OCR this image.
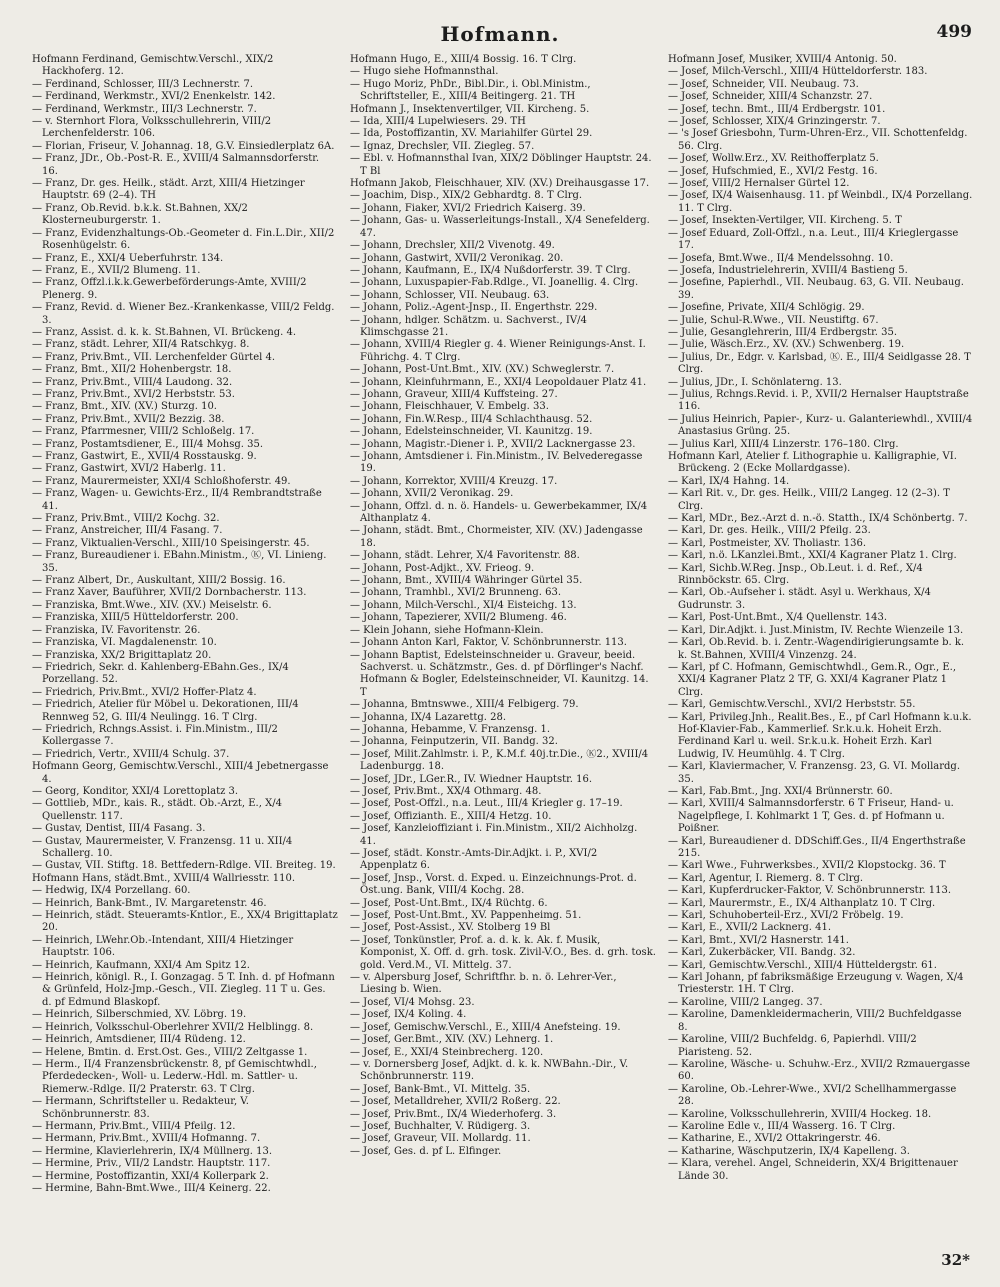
Hofmann.	499
Hofmann Ferdinand, Gemischtw.Verschl., XIX/2 Hackhoferg. 12.
— Ferdinand, Schlosser, III/3 Lechnerstr. 7.
— Ferdinand, Werkmstr., XVI/2 Enenkelstr. 142.
— Ferdinand, Werkmstr., III/3 Lechnerstr. 7.
— v. Sternhort Flora, Volksschullehrerin, VIII/2 Lerchenfelderstr. 106.
— Florian, Friseur, V. Johannag. 18, G.V. Einsiedlerplatz 6A.
— Franz, JDr., Ob.-Post-R. E., XVIII/4 Salmannsdorferstr. 16.
— Franz, Dr. ges. Heilk., städt. Arzt, XIII/4 Hietzinger Hauptstr. 69 (2–4). TH
— Franz, Ob.Revid. b.k.k. St.Bahnen, XX/2 Klosterneuburgerstr. 1.
— Franz, Evidenzhaltungs-Ob.-Geometer d. Fin.L.Dir., XII/2 Rosenhügelstr. 6.
— Franz, E., XXI/4 Ueberfuhrstr. 134.
— Franz, E., XVII/2 Blumeng. 11.
— Franz, Offzl.i.k.k.Gewerbeförderungs-Amte, XVIII/2 Plenerg. 9.
— Franz, Revid. d. Wiener Bez.-Krankenkasse, VIII/2 Feldg. 3.
— Franz, Assist. d. k. k. St.Bahnen, VI. Brückeng. 4.
— Franz, städt. Lehrer, XII/4 Ratschkyg. 8.
— Franz, Priv.Bmt., VII. Lerchenfelder Gürtel 4.
— Franz, Bmt., XII/2 Hohenbergstr. 18.
— Franz, Priv.Bmt., VIII/4 Laudong. 32.
— Franz, Priv.Bmt., XVI/2 Herbststr. 53.
— Franz, Bmt., XIV. (XV.) Sturzg. 10.
— Franz, Priv.Bmt., XVII/2 Bezzig. 38.
— Franz, Pfarrmesner, VIII/2 Schloßelg. 17.
— Franz, Postamtsdiener, E., III/4 Mohsg. 35.
— Franz, Gastwirt, E., XVII/4 Rosstauskg. 9.
— Franz, Gastwirt, XVI/2 Haberlg. 11.
— Franz, Maurermeister, XXI/4 Schloßhoferstr. 49.
— Franz, Wagen- u. Gewichts-Erz., II/4 Rembrandtstraße 41.
— Franz, Priv.Bmt., VIII/2 Kochg. 32.
— Franz, Anstreicher, III/4 Fasang. 7.
— Franz, Viktualien-Verschl., XIII/10 Speisingerstr. 45.
— Franz, Bureaudiener i. EBahn.Ministm., Ⓚ, VI. Linieng. 35.
— Franz Albert, Dr., Auskultant, XIII/2 Bossig. 16.
— Franz Xaver, Bauführer, XVII/2 Dornbacherstr. 113.
— Franziska, Bmt.Wwe., XIV. (XV.) Meiselstr. 6.
— Franziska, XIII/5 Hütteldorferstr. 200.
— Franziska, IV. Favoritenstr. 26.
— Franziska, VI. Magdalenenstr. 10.
— Franziska, XX/2 Brigittaplatz 20.
— Friedrich, Sekr. d. Kahlenberg-EBahn.Ges., IX/4 Porzellang. 52.
— Friedrich, Priv.Bmt., XVI/2 Hoffer-Platz 4.
— Friedrich, Atelier für Möbel u. Dekorationen, III/4 Rennweg 52, G. III/4 Neulingg. 16. T Clrg.
— Friedrich, Rchngs.Assist. i. Fin.Ministm., III/2 Kollergasse 7.
— Friedrich, Vertr., XVIII/4 Schulg. 37.
Hofmann Georg, Gemischtw.Verschl., XIII/4 Jebetnergasse 4.
— Georg, Konditor, XXI/4 Lorettoplatz 3.
— Gottlieb, MDr., kais. R., städt. Ob.-Arzt, E., X/4 Quellenstr. 117.
— Gustav, Dentist, III/4 Fasang. 3.
— Gustav, Maurermeister, V. Franzensg. 11 u. XII/4 Schallerg. 10.
— Gustav, VII. Stiftg. 18. Bettfedern-Rdlge. VII. Breiteg. 19.
Hofmann Hans, städt.Bmt., XVIII/4 Wallriesstr. 110.
— Hedwig, IX/4 Porzellang. 60.
— Heinrich, Bank-Bmt., IV. Margaretenstr. 46.
— Heinrich, städt. Steueramts-Kntlor., E., XX/4 Brigittaplatz 20.
— Heinrich, LWehr.Ob.-Intendant, XIII/4 Hietzinger Hauptstr. 106.
— Heinrich, Kaufmann, XXI/4 Am Spitz 12.
— Heinrich, königl. R., I. Gonzagag. 5 T. Inh. d. pf Hofmann & Grünfeld, Holz-Jmp.-Gesch., VII. Ziegleg. 11 T u. Ges. d. pf Edmund Blaskopf.
— Heinrich, Silberschmied, XV. Löbrg. 19.
— Heinrich, Volksschul-Oberlehrer XVII/2 Helblingg. 8.
— Heinrich, Amtsdiener, III/4 Rüdeng. 12.
— Helene, Bmtin. d. Erst.Ost. Ges., VIII/2 Zeltgasse 1.
— Herm., II/4 Franzensbrückenstr. 8, pf Gemischtwhdl., Pferdedecken-, Woll- u. Lederw.-Hdl. m. Sattler- u. Riemerw.-Rdlge. II/2 Praterstr. 63. T Clrg.
— Hermann, Schriftsteller u. Redakteur, V. Schönbrunnerstr. 83.
— Hermann, Priv.Bmt., VIII/4 Pfeilg. 12.
— Hermann, Priv.Bmt., XVIII/4 Hofmanng. 7.
— Hermine, Klavierlehrerin, IX/4 Müllnerg. 13.
— Hermine, Priv., VII/2 Landstr. Hauptstr. 117.
— Hermine, Postoffizantin, XXI/4 Kollerpark 2.
— Hermine, Bahn-Bmt.Wwe., III/4 Keinerg. 22.
Hofmann Hugo, E., XIII/4 Bossig. 16. T Clrg.
— Hugo siehe Hofmannsthal.
— Hugo Moriz, PhDr., Bibl.Dir., i. Obl.Ministm., Schriftsteller, E., XIII/4 Beitingerg. 21. TH
Hofmann J., Insektenvertilger, VII. Kircheng. 5.
— Ida, XIII/4 Lupelwiesers. 29. TH
— Ida, Postoffizantin, XV. Mariahilfer Gürtel 29.
— Ignaz, Drechsler, VII. Ziegleg. 57.
— Ebl. v. Hofmannsthal Ivan, XIX/2 Döblinger Hauptstr. 24. T Bl
Hofmann Jakob, Fleischhauer, XIV. (XV.) Dreihausgasse 17.
— Joachim, Disp., XIX/2 Gebhardtg. 8. T Clrg.
— Johann, Fiaker, XVI/2 Friedrich Kaiserg. 39.
— Johann, Gas- u. Wasserleitungs-Install., X/4 Senefelderg. 47.
— Johann, Drechsler, XII/2 Vivenotg. 49.
— Johann, Gastwirt, XVII/2 Veronikag. 20.
— Johann, Kaufmann, E., IX/4 Nußdorferstr. 39. T Clrg.
— Johann, Luxuspapier-Fab.Rdlge., VI. Joanellig. 4. Clrg.
— Johann, Schlosser, VII. Neubaug. 63.
— Johann, Poliz.-Agent-Jnsp., II. Engerthstr. 229.
— Johann, hdlger. Schätzm. u. Sachverst., IV/4 Klimschgasse 21.
— Johann, XVIII/4 Riegler g. 4. Wiener Reinigungs-Anst. I. Führichg. 4. T Clrg.
— Johann, Post-Unt.Bmt., XIV. (XV.) Schweglerstr. 7.
— Johann, Kleinfuhrmann, E., XXI/4 Leopoldauer Platz 41.
— Johann, Graveur, XIII/4 Kuffsteing. 27.
— Johann, Fleischhauer, V. Embelg. 33.
— Johann, Fin.W.Resp., III/4 Schlachthausg. 52.
— Johann, Edelsteinschneider, VI. Kaunitzg. 19.
— Johann, Magistr.-Diener i. P., XVII/2 Lacknergasse 23.
— Johann, Amtsdiener i. Fin.Ministm., IV. Belvederegasse 19.
— Johann, Korrektor, XVIII/4 Kreuzg. 17.
— Johann, XVII/2 Veronikag. 29.
— Johann, Offzl. d. n. ö. Handels- u. Gewerbekammer, IX/4 Althanplatz 4.
— Johann, städt. Bmt., Chormeister, XIV. (XV.) Jadengasse 18.
— Johann, städt. Lehrer, X/4 Favoritenstr. 88.
— Johann, Post-Adjkt., XV. Frieog. 9.
— Johann, Bmt., XVIII/4 Währinger Gürtel 35.
— Johann, Tramhbl., XVI/2 Brunneng. 63.
— Johann, Milch-Verschl., XI/4 Eisteichg. 13.
— Johann, Tapezierer, XVII/2 Blumeng. 46.
— Klein Johann, siehe Hofmann-Klein.
— Johann Anton Karl, Faktor, V. Schönbrunnerstr. 113.
— Johann Baptist, Edelsteinschneider u. Graveur, beeid. Sachverst. u. Schätzmstr., Ges. d. pf Dörflinger's Nachf. Hofmann & Bogler, Edelsteinschneider, VI. Kaunitzg. 14. T
— Johanna, Bmtnswwe., XIII/4 Felbigerg. 79.
— Johanna, IX/4 Lazarettg. 28.
— Johanna, Hebamme, V. Franzensg. 1.
— Johanna, Feinputzerin, VII. Bandg. 32.
— Josef, Milit.Zahlmstr. i. P., K.M.f. 40j.tr.Die., Ⓚ2., XVIII/4 Ladenburgg. 18.
— Josef, JDr., LGer.R., IV. Wiedner Hauptstr. 16.
— Josef, Priv.Bmt., XX/4 Othmarg. 48.
— Josef, Post-Offzl., n.a. Leut., III/4 Kriegler g. 17–19.
— Josef, Offizianth. E., XIII/4 Hetzg. 10.
— Josef, Kanzleioffiziant i. Fin.Ministm., XII/2 Aichholzg. 41.
— Josef, städt. Konstr.-Amts-Dir.Adjkt. i. P., XVI/2 Appenplatz 6.
— Josef, Jnsp., Vorst. d. Exped. u. Einzeichnungs-Prot. d. Öst.ung. Bank, VIII/4 Kochg. 28.
— Josef, Post-Unt.Bmt., IX/4 Rüchtg. 6.
— Josef, Post-Unt.Bmt., XV. Pappenheimg. 51.
— Josef, Post-Assist., XV. Stolberg 19 Bl
— Josef, Tonkünstler, Prof. a. d. k. k. Ak. f. Musik, Komponist, X. Off. d. grh. tosk. Zivil-V.O., Bes. d. grh. tosk. gold. Verd.M., VI. Mittelg. 37.
— v. Alpersburg Josef, Schriftfhr. b. n. ö. Lehrer-Ver., Liesing b. Wien.
— Josef, VI/4 Mohsg. 23.
— Josef, IX/4 Koling. 4.
— Josef, Gemischw.Verschl., E., XIII/4 Anefsteing. 19.
— Josef, Ger.Bmt., XIV. (XV.) Lehnerg. 1.
— Josef, E., XXI/4 Steinbrecherg. 120.
— v. Dornersberg Josef, Adjkt. d. k. k. NWBahn.-Dir., V. Schönbrunnerstr. 119.
— Josef, Bank-Bmt., VI. Mittelg. 35.
— Josef, Metalldreher, XVII/2 Roßerg. 22.
— Josef, Priv.Bmt., IX/4 Wiederhoferg. 3.
— Josef, Buchhalter, V. Rüdigerg. 3.
— Josef, Graveur, VII. Mollardg. 11.
— Josef, Ges. d. pf L. Elfinger.
Hofmann Josef, Musiker, XVIII/4 Antonig. 50.
— Josef, Milch-Verschl., XIII/4 Hütteldorferstr. 183.
— Josef, Schneider, VII. Neubaug. 73.
— Josef, Schneider, XIII/4 Schanzstr. 27.
— Josef, techn. Bmt., III/4 Erdbergstr. 101.
— Josef, Schlosser, XIX/4 Grinzingerstr. 7.
— 's Josef Griesbohn, Turm-Uhren-Erz., VII. Schottenfeldg. 56. Clrg.
— Josef, Wollw.Erz., XV. Reithofferplatz 5.
— Josef, Hufschmied, E., XVI/2 Festg. 16.
— Josef, VIII/2 Hernalser Gürtel 12.
— Josef, IX/4 Waisenhausg. 11. pf Weinbdl., IX/4 Porzellang. 11. T Clrg.
— Josef, Insekten-Vertilger, VII. Kircheng. 5. T
— Josef Eduard, Zoll-Offzl., n.a. Leut., III/4 Krieglergasse 17.
— Josefa, Bmt.Wwe., II/4 Mendelssohng. 10.
— Josefa, Industrielehrerin, XVIII/4 Bastieng 5.
— Josefine, Papierhdl., VII. Neubaug. 63, G. VII. Neubaug. 39.
— Josefine, Private, XII/4 Schlögig. 29.
— Julie, Schul-R.Wwe., VII. Neustiftg. 67.
— Julie, Gesanglehrerin, III/4 Erdbergstr. 35.
— Julie, Wäsch.Erz., XV. (XV.) Schwenberg. 19.
— Julius, Dr., Edgr. v. Karlsbad, Ⓚ. E., III/4 Seidlgasse 28. T Clrg.
— Julius, JDr., I. Schönlaterng. 13.
— Julius, Rchngs.Revid. i. P., XVII/2 Hernalser Hauptstraße 116.
— Julius Heinrich, Papier-, Kurz- u. Galanteriewhdl., XVIII/4 Anastasius Grüng. 25.
— Julius Karl, XIII/4 Linzerstr. 176–180. Clrg.
Hofmann Karl, Atelier f. Lithographie u. Kalligraphie, VI. Brückeng. 2 (Ecke Mollardgasse).
— Karl, IX/4 Hahng. 14.
— Karl Rit. v., Dr. ges. Heilk., VIII/2 Langeg. 12 (2–3). T Clrg.
— Karl, MDr., Bez.-Arzt d. n.-ö. Statth., IX/4 Schönbertg. 7.
— Karl, Dr. ges. Heilk., VIII/2 Pfeilg. 23.
— Karl, Postmeister, XV. Tholiastr. 136.
— Karl, n.ö. LKanzlei.Bmt., XXI/4 Kagraner Platz 1. Clrg.
— Karl, Sichb.W.Reg. Jnsp., Ob.Leut. i. d. Ref., X/4 Rinnböckstr. 65. Clrg.
— Karl, Ob.-Aufseher i. städt. Asyl u. Werkhaus, X/4 Gudrunstr. 3.
— Karl, Post-Unt.Bmt., X/4 Quellenstr. 143.
— Karl, Dir.Adjkt. i. Just.Ministm, IV. Rechte Wienzeile 13.
— Karl, Ob.Revid. b. i. Zentr.-Wagendirigierungsamte b. k. k. St.Bahnen, XVIII/4 Vinzenzg. 24.
— Karl, pf C. Hofmann, Gemischtwhdl., Gem.R., Ögr., E., XXI/4 Kagraner Platz 2 TF, G. XXI/4 Kagraner Platz 1 Clrg.
— Karl, Gemischtw.Verschl., XVI/2 Herbststr. 55.
— Karl, Privileg.Jnh., Realit.Bes., E., pf Carl Hofmann k.u.k. Hof-Klavier-Fab., Kammerlief. Sr.k.u.k. Hoheit Erzh. Ferdinand Karl u. weil. Sr.k.u.k. Hoheit Erzh. Karl Ludwig, IV. Heumühlg. 4. T Clrg.
— Karl, Klaviermacher, V. Franzensg. 23, G. VI. Mollardg. 35.
— Karl, Fab.Bmt., Jng. XXI/4 Brünnerstr. 60.
— Karl, XVIII/4 Salmannsdorferstr. 6 T Friseur, Hand- u. Nagelpflege, I. Kohlmarkt 1 T, Ges. d. pf Hofmann u. Poißner.
— Karl, Bureaudiener d. DDSchiff.Ges., II/4 Engerthstraße 215.
— Karl Wwe., Fuhrwerksbes., XVII/2 Klopstockg. 36. T
— Karl, Agentur, I. Riemerg. 8. T Clrg.
— Karl, Kupferdrucker-Faktor, V. Schönbrunnerstr. 113.
— Karl, Maurermstr., E., IX/4 Althanplatz 10. T Clrg.
— Karl, Schuhoberteil-Erz., XVI/2 Fröbelg. 19.
— Karl, E., XVII/2 Lacknerg. 41.
— Karl, Bmt., XVI/2 Hasnerstr. 141.
— Karl, Zukerbäcker, VII. Bandg. 32.
— Karl, Gemischtw.Verschl., XIII/4 Hütteldergstr. 61.
— Karl Johann, pf fabriksmäßige Erzeugung v. Wagen, X/4 Triesterstr. 1H. T Clrg.
— Karoline, VIII/2 Langeg. 37.
— Karoline, Damenkleidermacherin, VIII/2 Buchfeldgasse 8.
— Karoline, VIII/2 Buchfeldg. 6, Papierhdl. VIII/2 Piaristeng. 52.
— Karoline, Wäsche- u. Schuhw.-Erz., XVII/2 Rzmauergasse 60.
— Karoline, Ob.-Lehrer-Wwe., XVI/2 Schellhammergasse 28.
— Karoline, Volksschullehrerin, XVIII/4 Hockeg. 18.
— Karoline Edle v., III/4 Wasserg. 16. T Clrg.
— Katharine, E., XVI/2 Ottakringerstr. 46.
— Katharine, Wäschputzerin, IX/4 Kapelleng. 3.
— Klara, verehel. Angel, Schneiderin, XX/4 Brigittenauer Lände 30.
32*
